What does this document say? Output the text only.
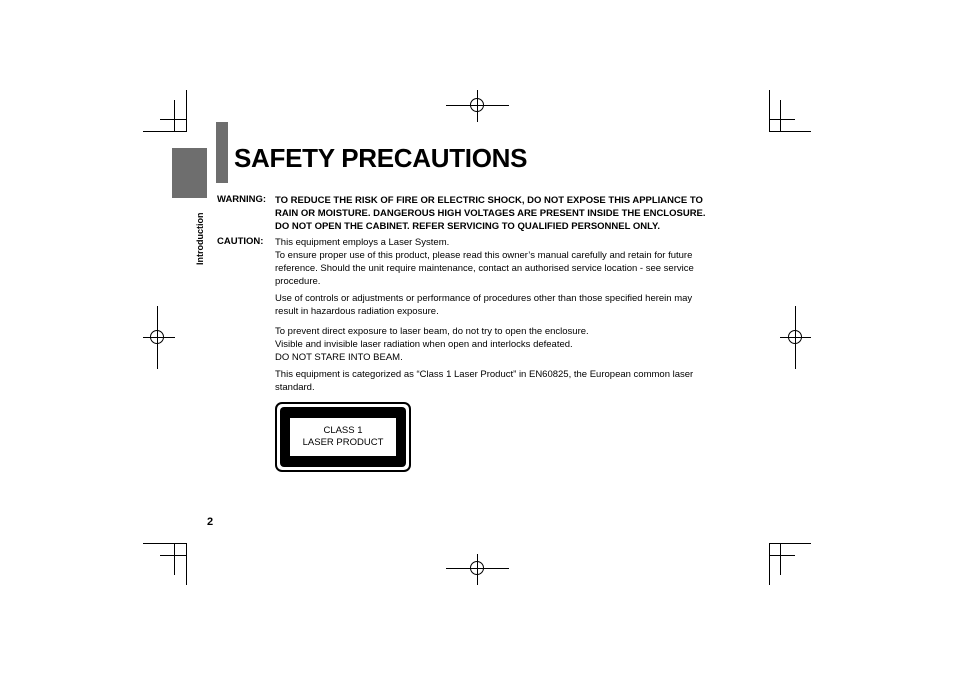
Introduction
SAFETY PRECAUTIONS
WARNING: TO REDUCE THE RISK OF FIRE OR ELECTRIC SHOCK, DO NOT EXPOSE THIS APPLIANCE TO
RAIN OR MOISTURE. DANGEROUS HIGH VOLTAGES ARE PRESENT INSIDE THE ENCLOSURE.
DO NOT OPEN THE CABINET. REFER SERVICING TO QUALIFIED PERSONNEL ONLY.
CAUTION: This equipment employs a Laser System.
To ensure proper use of this product, please read this owner’s manual carefully and retain for future
reference. Should the unit require maintenance, contact an authorised service location - see service
procedure.
Use of controls or adjustments or performance of procedures other than those specified herein may
result in hazardous radiation exposure.
To prevent direct exposure to laser beam, do not try to open the enclosure.
Visible and invisible laser radiation when open and interlocks defeated.
DO NOT STARE INTO BEAM.
This equipment is categorized as “Class 1 Laser Product” in EN60825, the European common laser
standard.
CLASS 1
LASER PRODUCT
2
